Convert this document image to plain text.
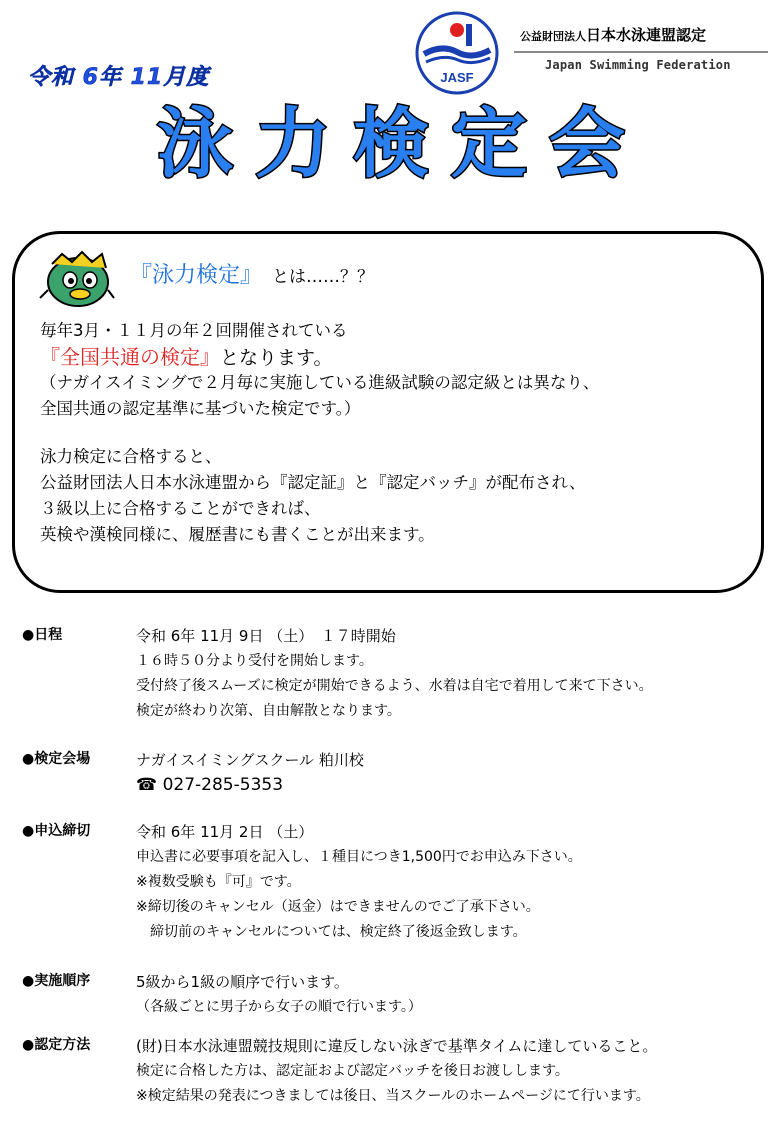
令和 6年 11月度	JASF
公益財団法人日本水泳連盟認定
Japan Swimming Federation
泳力検定会
『泳力検定』 とは……？？

毎年3月・１１月の年２回開催されている

『全国共通の検定』となります。

（ナガイスイミングで２月毎に実施している進級試験の認定級とは異なり、

全国共通の認定基準に基づいた検定です。）

泳力検定に合格すると、

公益財団法人日本水泳連盟から『認定証』と『認定バッチ』が配布され、

３級以上に合格することができれば、

英検や漢検同様に、履歴書にも書くことが出来ます。

●日程	令和 6年 11月 9日 （土）　１７時開始

１６時５０分より受付を開始します。

受付終了後スムーズに検定が開始できるよう、水着は自宅で着用して来て下さい。

検定が終わり次第、自由解散となります。

●検定会場	ナガイスイミングスクール 粕川校

☎ 027-285-5353

●申込締切	令和 6年 11月 2日 （土）

申込書に必要事項を記入し、１種目につき1,500円でお申込み下さい。

※複数受験も『可』です。

※締切後のキャンセル（返金）はできませんのでご了承下さい。

締切前のキャンセルについては、検定終了後返金致します。

●実施順序	5級から1級の順序で行います。

（各級ごとに男子から女子の順で行います。）

●認定方法	(財)日本水泳連盟競技規則に違反しない泳ぎで基準タイムに達していること。

検定に合格した方は、認定証および認定バッチを後日お渡しします。

※検定結果の発表につきましては後日、当スクールのホームページにて行います。
